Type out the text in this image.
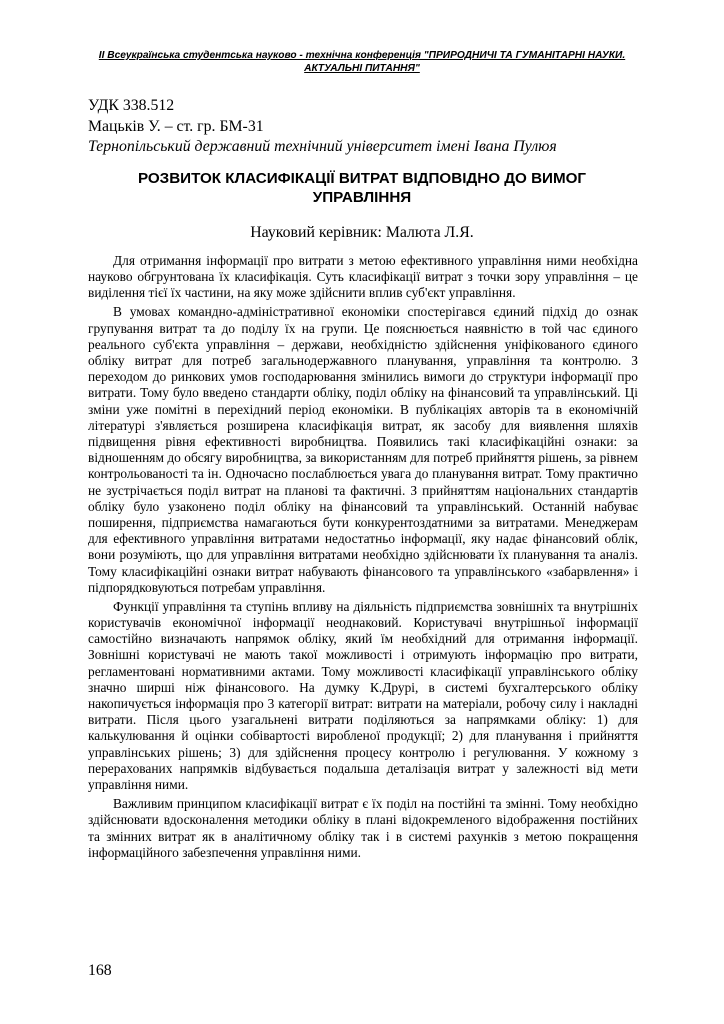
ІІ Всеукраїнська студентська науково - технічна конференція "ПРИРОДНИЧІ ТА ГУМАНІТАРНІ НАУКИ.
АКТУАЛЬНІ ПИТАННЯ"
УДК 338.512
Мацьків У. – ст. гр. БМ-31
Тернопільський державний технічний університет імені Івана Пулюя
РОЗВИТОК КЛАСИФІКАЦІЇ ВИТРАТ ВІДПОВІДНО ДО ВИМОГ
УПРАВЛІННЯ
Науковий керівник: Малюта Л.Я.

Для отримання інформації про витрати з метою ефективного управління ними необхідна науково обгрунтована їх класифікація. Суть класифікації витрат з точки зору управління – це виділення тієї їх частини, на яку може здійснити вплив суб'єкт управління.

В умовах командно-адміністративної економіки спостерігався єдиний підхід до ознак групування витрат та до поділу їх на групи. Це пояснюється наявністю в той час єдиного реального суб'єкта управління – держави, необхідністю здійснення уніфікованого єдиного обліку витрат для потреб загальнодержавного планування, управління та контролю. З переходом до ринкових умов господарювання змінились вимоги до структури інформації про витрати. Тому було введено стандарти обліку, поділ обліку на фінансовий та управлінський. Ці зміни уже помітні в перехідний період економіки. В публікаціях авторів та в економічній літературі з'являється розширена класифікація витрат, як засобу для виявлення шляхів підвищення рівня ефективності виробництва. Появились такі класифікаційні ознаки: за відношенням до обсягу виробництва, за використанням для потреб прийняття рішень, за рівнем контрольованості та ін. Одночасно послаблюється увага до планування витрат. Тому практично не зустрічається поділ витрат на планові та фактичні. З прийняттям національних стандартів обліку було узаконено поділ обліку на фінансовий та управлінський. Останній набуває поширення, підприємства намагаються бути конкурентоздатними за витратами. Менеджерам для ефективного управління витратами недостатньо інформації, яку надає фінансовий облік, вони розуміють, що для управління витратами необхідно здійснювати їх планування та аналіз. Тому класифікаційні ознаки витрат набувають фінансового та управлінського «забарвлення» і підпорядковуються потребам управління.

Функції управління та ступінь впливу на діяльність підприємства зовнішніх та внутрішніх користувачів економічної інформації неоднаковий. Користувачі внутрішньої інформації самостійно визначають напрямок обліку, який їм необхідний для отримання інформації. Зовнішні користувачі не мають такої можливості і отримують інформацію про витрати, регламентовані нормативними актами. Тому можливості класифікації управлінського обліку значно ширші ніж фінансового. На думку К.Друрі, в системі бухгалтерського обліку накопичується інформація про 3 категорії витрат: витрати на матеріали, робочу силу і накладні витрати. Після цього узагальнені витрати поділяються за напрямками обліку: 1) для калькулювання й оцінки собівартості виробленої продукції; 2) для планування і прийняття управлінських рішень; 3) для здійснення процесу контролю і регулювання. У кожному з перерахованих напрямків відбувається подальша деталізація витрат у залежності від мети управління ними.

Важливим принципом класифікації витрат є їх поділ на постійні та змінні. Тому необхідно здійснювати вдосконалення методики обліку в плані відокремленого відображення постійних та змінних витрат як в аналітичному обліку так і в системі рахунків з метою покращення інформаційного забезпечення управління ними.

168
